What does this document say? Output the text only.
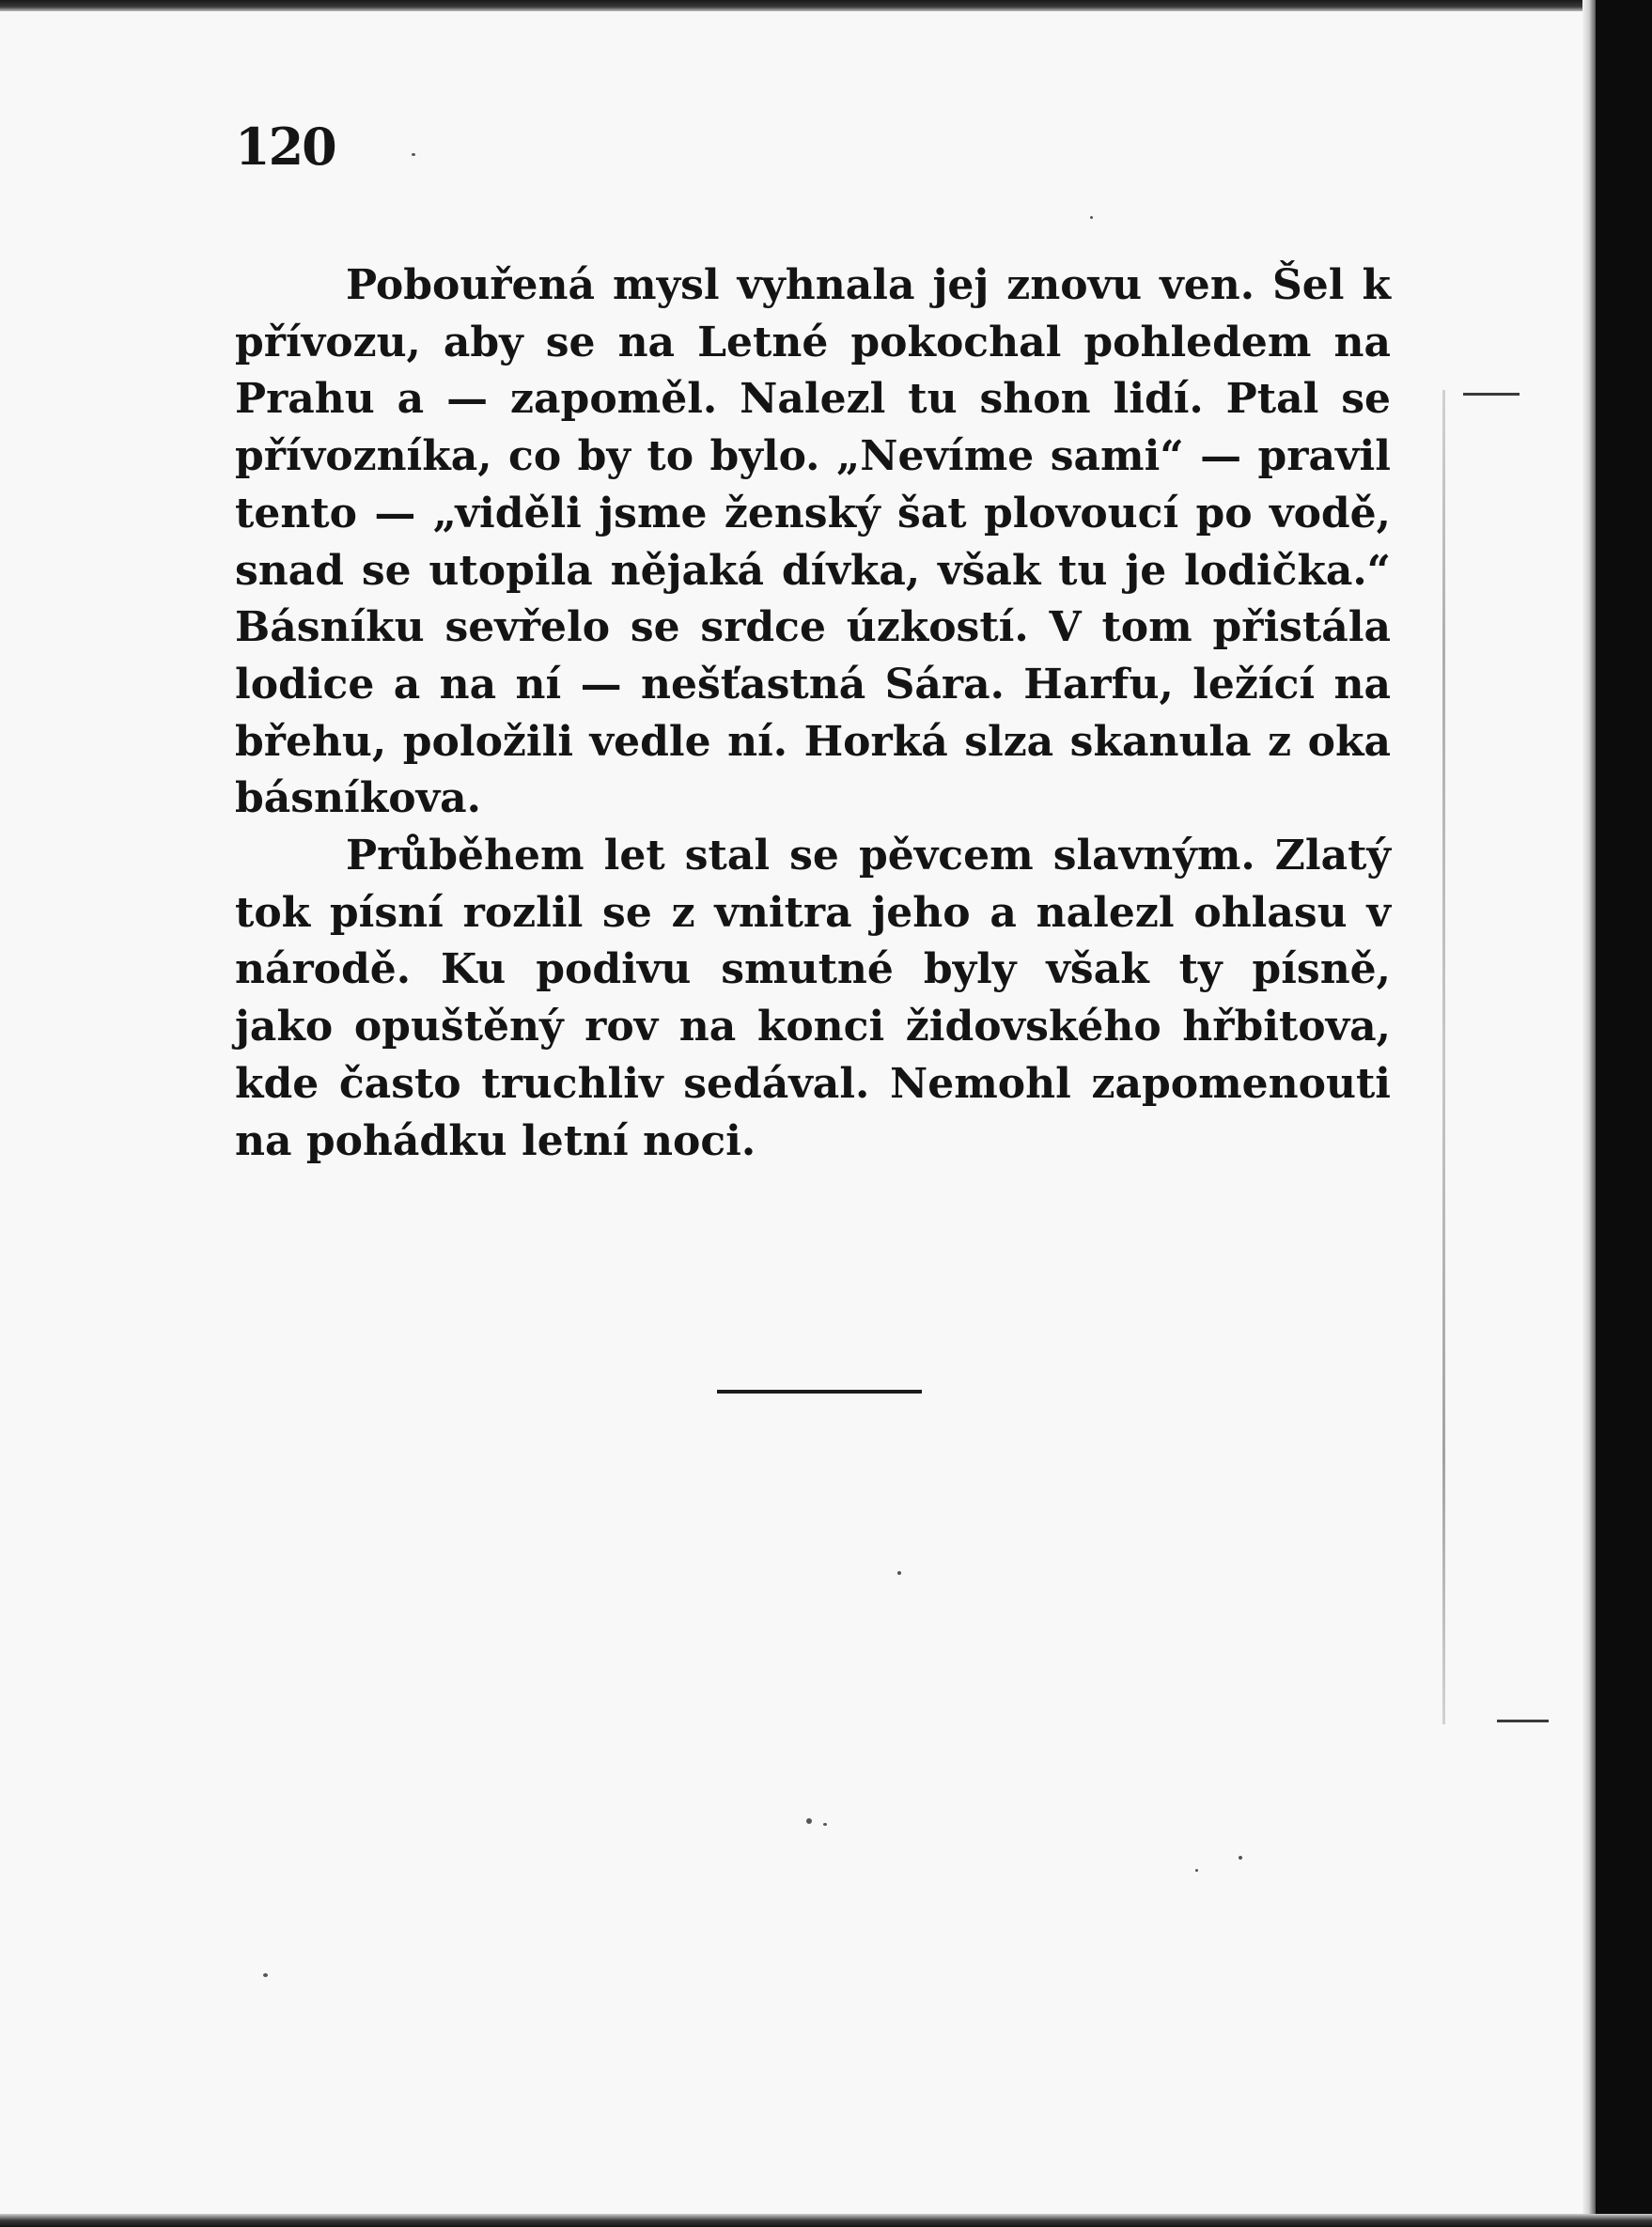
120

Pobouřená mysl vyhnala jej znovu ven. Šel k přívozu, aby se na Letné pokochal pohledem na Prahu a — zapoměl. Nalezl tu shon lidí. Ptal se přívozníka, co by to bylo. „Nevíme sami“ — pravil tento — „viděli jsme ženský šat plovoucí po vodě, snad se utopila nějaká dívka, však tu je lodička.“ Básníku sevřelo se srdce úzkostí. V tom přistála lodice a na ní — nešťastná Sára. Harfu, ležící na břehu, položili vedle ní. Horká slza skanula z oka básníkova.

Průběhem let stal se pěvcem slavným. Zlatý tok písní rozlil se z vnitra jeho a nalezl ohlasu v národě. Ku podivu smutné byly však ty písně, jako opuštěný rov na konci židovského hřbitova, kde často truchliv sedával. Nemohl zapomenouti na pohádku letní noci.
